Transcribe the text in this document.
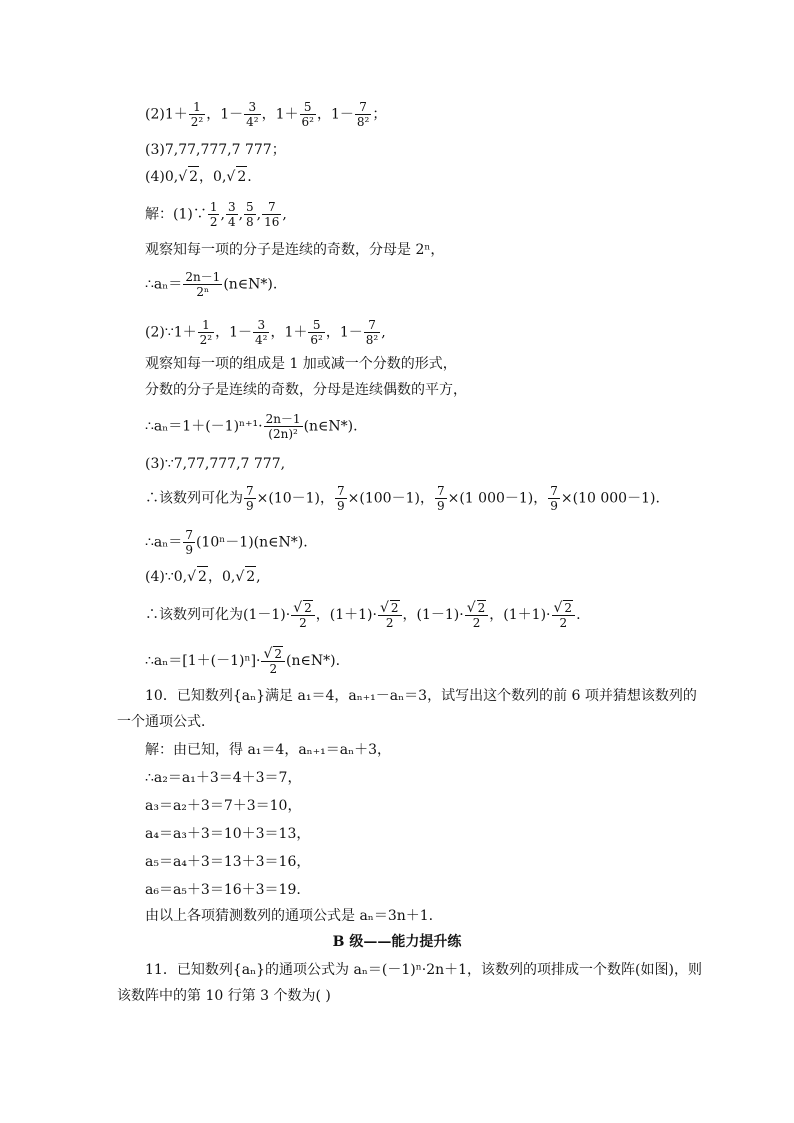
$(2)1+ \frac{1}{\text{2²}}$ ，$1- \frac{3}{\text{4²}}$ ，$1+ \frac{5}{\text{6²}}$ ，$1- \frac{7}{\text{8²}}$ ；
(3)7,77,777,7 777；
(4)0,√ 2，0,√ 2.
解：(1)∵ $\frac{1}{2}$ , $\frac{3}{4}$ , $\frac{5}{8}$ , $\frac{7}{16}$ ,
观察知每一项的分子是连续的奇数，分母是 2ⁿ，
∴aₙ＝ $\frac{2n-1}{\text{2ⁿ}}$ (n∈N*).
(2)∵1＋ $\frac{1}{\text{2²}}$ ，$1- \frac{3}{\text{4²}}$ ，$1+ \frac{5}{\text{6²}}$ ，$1- \frac{7}{\text{8²}}$ ,
观察知每一项的组成是 1 加或减一个分数的形式，
分数的分子是连续的奇数，分母是连续偶数的平方，
∴aₙ＝1＋(－1)ⁿ⁺¹· $\frac{2n-1}{\text{(2n)²}}$ (n∈N*).
(3)∵7,77,777,7 777,
∴该数列可化为 $\frac{7}{9} \times(10-1)$， $\frac{7}{9} \times(100-1)$， $\frac{7}{9} \times(1$ 000－1)， $\frac{7}{9} \times(10$ 000－1).
∴aₙ＝ $\frac{7}{9}$ (10ⁿ－1)(n∈N*).
(4)∵0,√ 2，0,√ 2,
∴该数列可化为$(1-1)\cdot \frac{√ 2}{2}$ ，$(1+1)\cdot \frac{√ 2}{2}$ ，$(1-1)\cdot \frac{√ 2}{2}$ ，$(1+1)\cdot \frac{√ 2}{2}$ .
∴aₙ＝[1＋(－1)ⁿ]· $\frac{√ 2}{2}$ (n∈N*).
10．已知数列{aₙ}满足 a₁＝4，aₙ₊₁－aₙ＝3，试写出这个数列的前 6 项并猜想该数列的
一个通项公式．
解：由已知，得 a₁＝4，aₙ₊₁＝aₙ＋3，
∴a₂＝a₁＋3＝4＋3＝7，
a₃＝a₂＋3＝7＋3＝10，
a₄＝a₃＋3＝10＋3＝13，
a₅＝a₄＋3＝13＋3＝16，
a₆＝a₅＋3＝16＋3＝19.
由以上各项猜测数列的通项公式是 aₙ＝3n＋1.
B 级——能力提升练
11．已知数列{aₙ}的通项公式为 aₙ＝(－1)ⁿ·2n＋1，该数列的项排成一个数阵(如图)，则
该数阵中的第 10 行第 3 个数为( )
